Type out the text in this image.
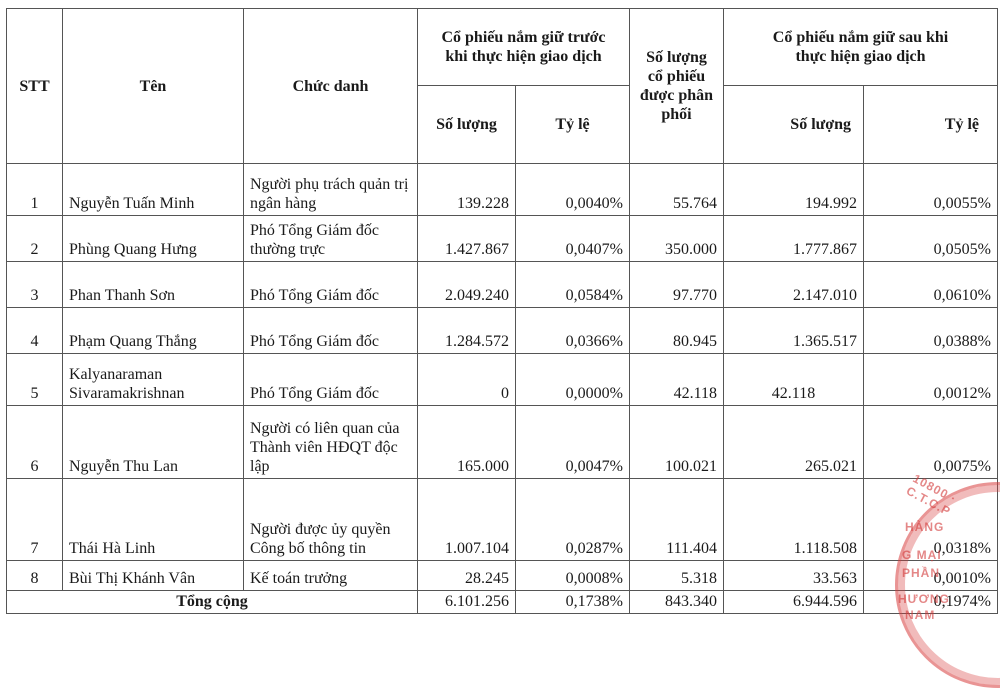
STT	Tên	Chức danh	Cổ phiếu nắm giữ trước khi thực hiện giao dịch		Số lượng cổ phiếu được phân phối	Cổ phiếu nắm giữ sau khi thực hiện giao dịch	
			Số lượng	Tỷ lệ		Số lượng	Tỷ lệ
1	Nguyễn Tuấn Minh	Người phụ trách quản trị ngân hàng	139.228	0,0040%	55.764	194.992	0,0055%
2	Phùng Quang Hưng	Phó Tổng Giám đốc thường trực	1.427.867	0,0407%	350.000	1.777.867	0,0505%
3	Phan Thanh Sơn	Phó Tổng Giám đốc	2.049.240	0,0584%	97.770	2.147.010	0,0610%
4	Phạm Quang Thắng	Phó Tổng Giám đốc	1.284.572	0,0366%	80.945	1.365.517	0,0388%
5	Kalyanaraman Sivaramakrishnan	Phó Tổng Giám đốc	0	0,0000%	42.118	42.118	0,0012%
6	Nguyễn Thu Lan	Người có liên quan của Thành viên HĐQT độc lập	165.000	0,0047%	100.021	265.021	0,0075%
7	Thái Hà Linh	Người được ủy quyền Công bố thông tin	1.007.104	0,0287%	111.404	1.118.508	0,0318%
8	Bùi Thị Khánh Vân	Kế toán trưởng	28.245	0,0008%	5.318	33.563	0,0010%
Tổng cộng			6.101.256	0,1738%	843.340	6.944.596	0,1974%
10800 · C.T.C.P
HÀNG
G MẠI
PHẦN
HƯƠNG
NAM
